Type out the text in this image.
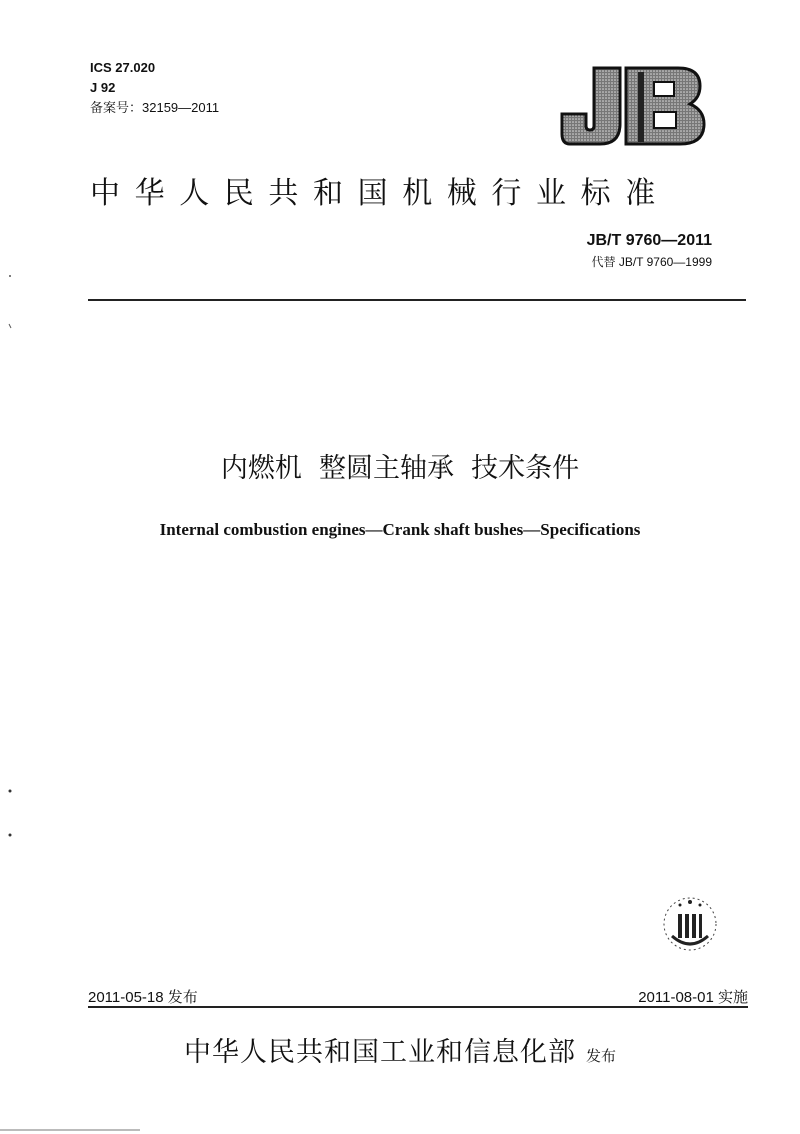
ICS 27.020
J 92
备案号：32159—2011
中华人民共和国机械行业标准
JB/T 9760—2011
代替 JB/T 9760—1999
内燃机  整圆主轴承  技术条件
Internal combustion engines—Crank shaft bushes—Specifications
2011-05-18 发布	2011-08-01 实施
中华人民共和国工业和信息化部 发布
